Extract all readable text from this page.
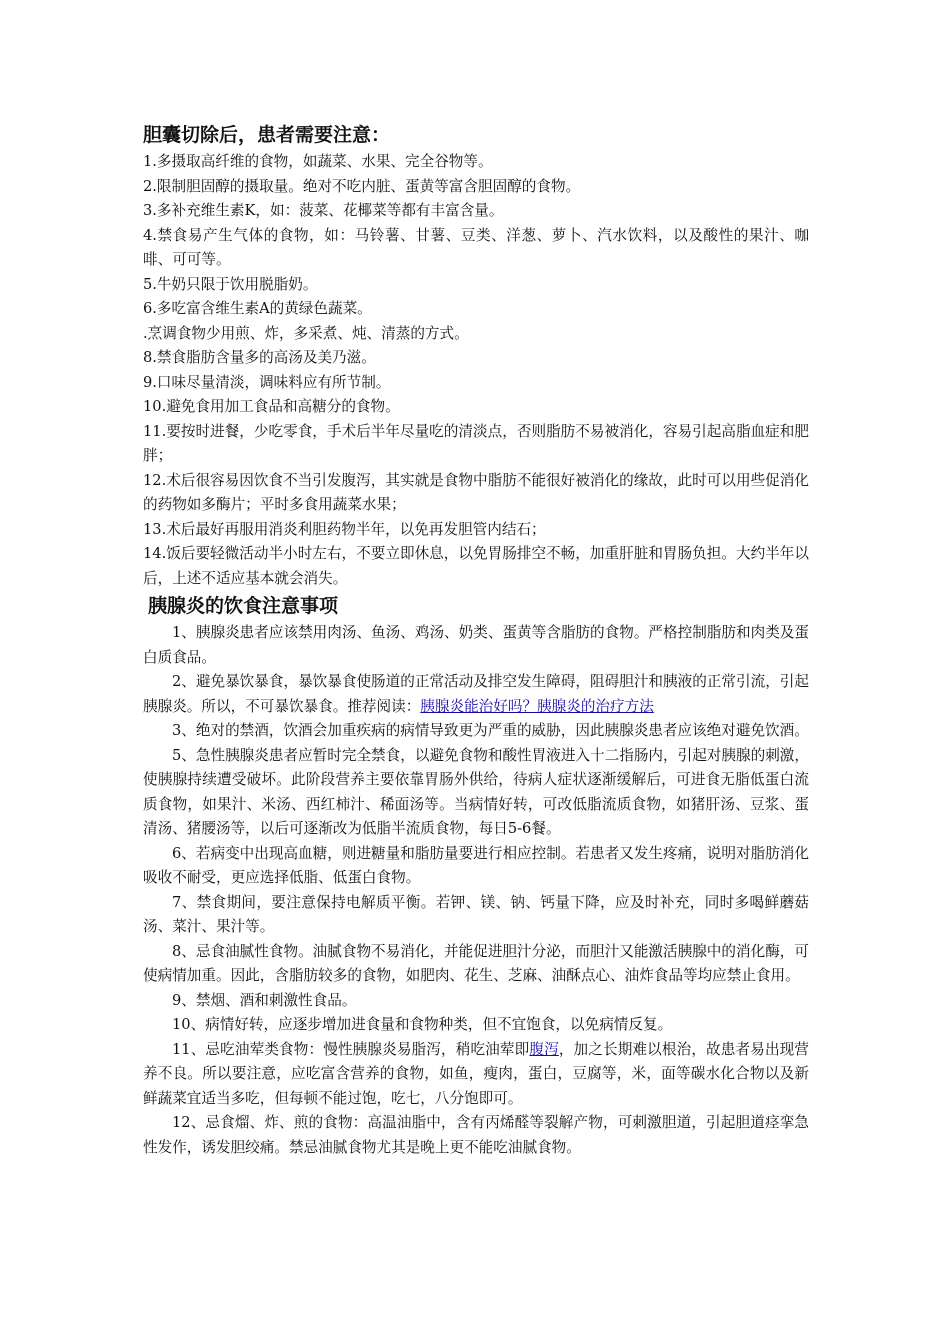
胆囊切除后，患者需要注意：

1.多摄取高纤维的食物，如蔬菜、水果、完全谷物等。

2.限制胆固醇的摄取量。绝对不吃内脏、蛋黄等富含胆固醇的食物。

3.多补充维生素K，如：菠菜、花椰菜等都有丰富含量。

4.禁食易产生气体的食物，如：马铃薯、甘薯、豆类、洋葱、萝卜、汽水饮料，以及酸性的果汁、咖啡、可可等。

5.牛奶只限于饮用脱脂奶。

6.多吃富含维生素A的黄绿色蔬菜。

.烹调食物少用煎、炸，多采煮、炖、清蒸的方式。

8.禁食脂肪含量多的高汤及美乃滋。

9.口味尽量清淡，调味料应有所节制。

10.避免食用加工食品和高糖分的食物。

11.要按时进餐，少吃零食，手术后半年尽量吃的清淡点，否则脂肪不易被消化，容易引起高脂血症和肥胖；

12.术后很容易因饮食不当引发腹泻，其实就是食物中脂肪不能很好被消化的缘故，此时可以用些促消化的药物如多酶片；平时多食用蔬菜水果；

13.术后最好再服用消炎利胆药物半年，以免再发胆管内结石；

14.饭后要轻微活动半小时左右，不要立即休息，以免胃肠排空不畅，加重肝脏和胃肠负担。大约半年以后，上述不适应基本就会消失。

胰腺炎的饮食注意事项

1、胰腺炎患者应该禁用肉汤、鱼汤、鸡汤、奶类、蛋黄等含脂肪的食物。严格控制脂肪和肉类及蛋白质食品。

2、避免暴饮暴食，暴饮暴食使肠道的正常活动及排空发生障碍，阻碍胆汁和胰液的正常引流，引起胰腺炎。所以，不可暴饮暴食。推荐阅读：胰腺炎能治好吗？胰腺炎的治疗方法

3、绝对的禁酒，饮酒会加重疾病的病情导致更为严重的威胁，因此胰腺炎患者应该绝对避免饮酒。

5、急性胰腺炎患者应暂时完全禁食，以避免食物和酸性胃液进入十二指肠内，引起对胰腺的刺激，使胰腺持续遭受破坏。此阶段营养主要依靠胃肠外供给，待病人症状逐渐缓解后，可进食无脂低蛋白流质食物，如果汁、米汤、西红柿汁、稀面汤等。当病情好转，可改低脂流质食物，如猪肝汤、豆浆、蛋清汤、猪腰汤等，以后可逐渐改为低脂半流质食物，每日5-6餐。

6、若病变中出现高血糖，则进糖量和脂肪量要进行相应控制。若患者又发生疼痛，说明对脂肪消化吸收不耐受，更应选择低脂、低蛋白食物。

7、禁食期间，要注意保持电解质平衡。若钾、镁、钠、钙量下降，应及时补充，同时多喝鲜蘑菇汤、菜汁、果汁等。

8、忌食油腻性食物。油腻食物不易消化，并能促进胆汁分泌，而胆汁又能激活胰腺中的消化酶，可使病情加重。因此，含脂肪较多的食物，如肥肉、花生、芝麻、油酥点心、油炸食品等均应禁止食用。

9、禁烟、酒和刺激性食品。

10、病情好转，应逐步增加进食量和食物种类，但不宜饱食，以免病情反复。

11、忌吃油荤类食物：慢性胰腺炎易脂泻，稍吃油荤即腹泻，加之长期难以根治，故患者易出现营养不良。所以要注意，应吃富含营养的食物，如鱼，瘦肉，蛋白，豆腐等，米，面等碳水化合物以及新鲜蔬菜宜适当多吃，但每顿不能过饱，吃七，八分饱即可。

12、忌食熘、炸、煎的食物：高温油脂中，含有丙烯醛等裂解产物，可刺激胆道，引起胆道痉挛急性发作，诱发胆绞痛。禁忌油腻食物尤其是晚上更不能吃油腻食物。
